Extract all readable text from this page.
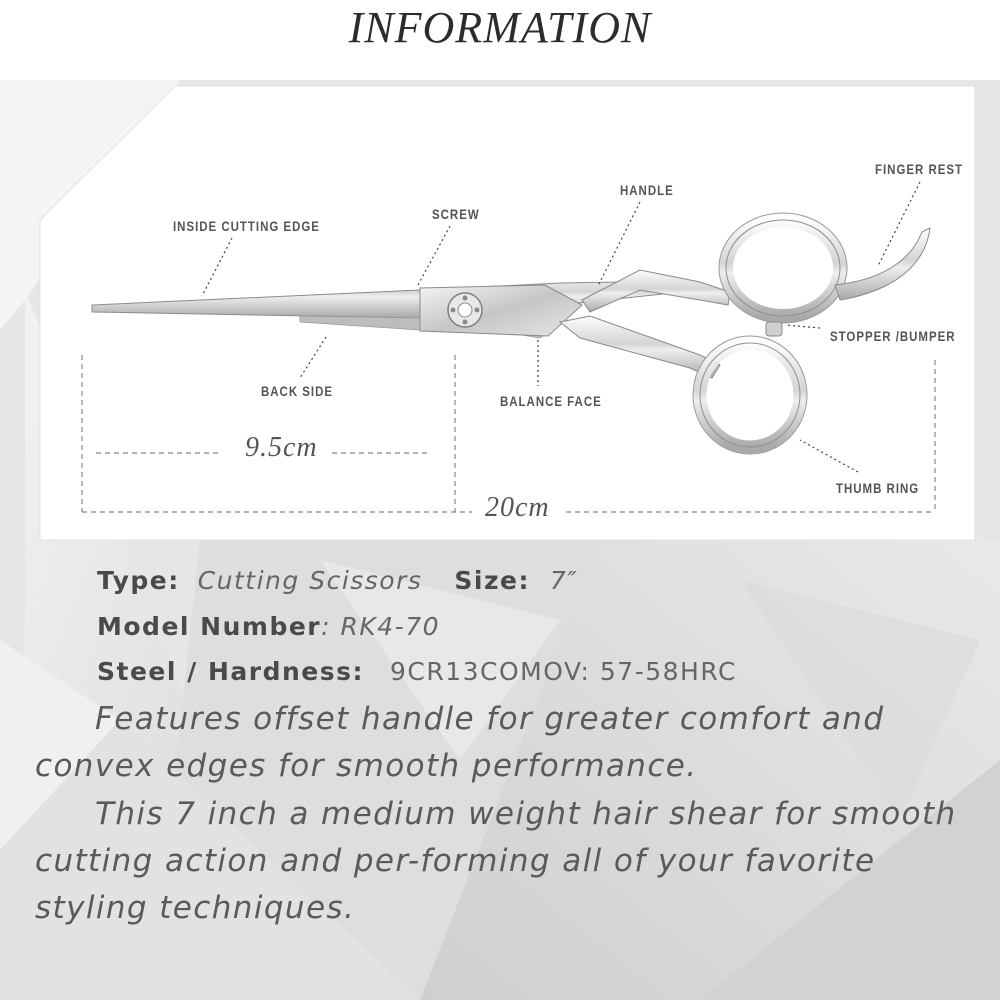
INFORMATION
INSIDE CUTTING EDGE
SCREW
HANDLE
FINGER REST
STOPPER /BUMPER
BACK SIDE
BALANCE FACE
THUMB RING
9.5cm
20cm
Type: Cutting Scissors Size: 7″
Model Number: RK4-70
Steel / Hardness: 9CR13COMOV: 57-58HRC

Features offset handle for greater comfort and convex edges for smooth performance.

This 7 inch a medium weight hair shear for smooth cutting action and per-forming all of your favorite styling techniques.
